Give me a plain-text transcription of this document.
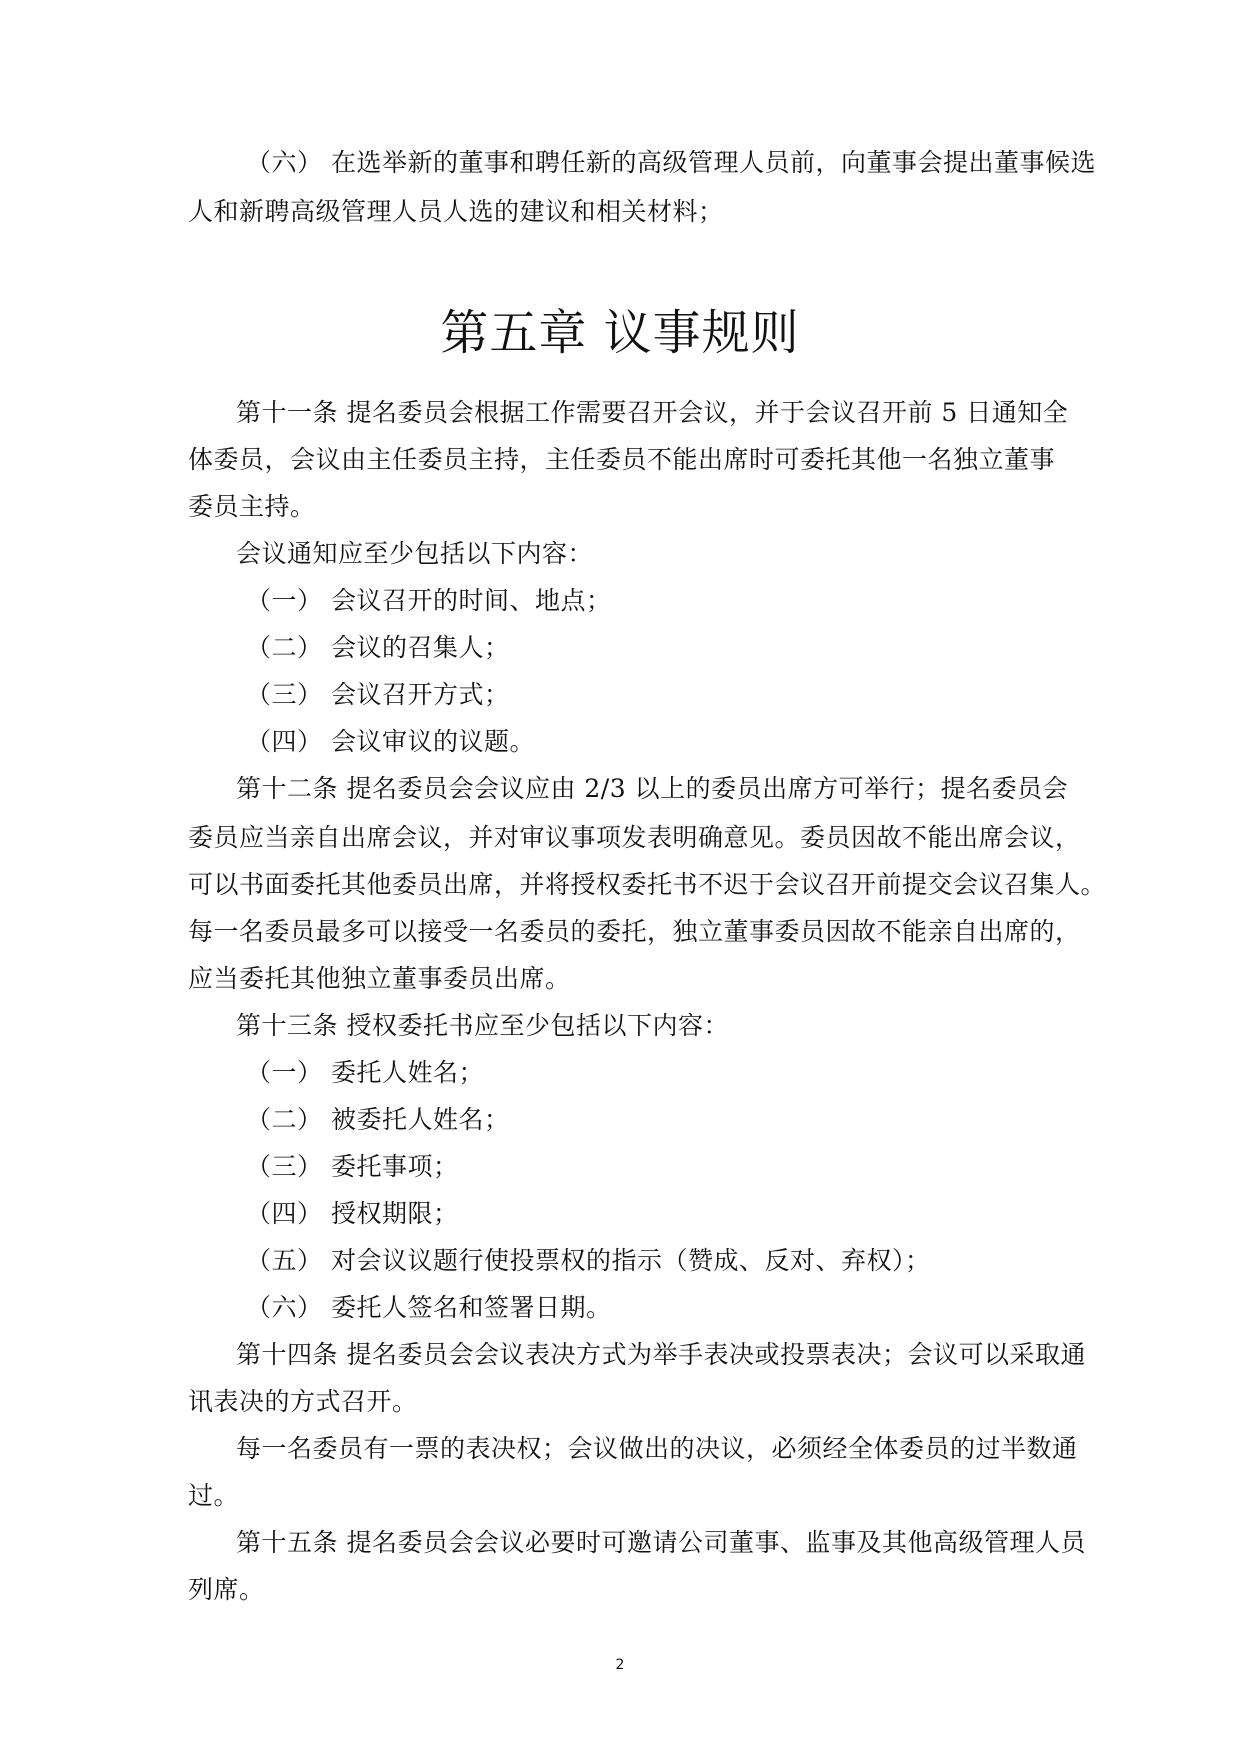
（六） 在选举新的董事和聘任新的高级管理人员前，向董事会提出董事候选
人和新聘高级管理人员人选的建议和相关材料；
第五章 议事规则
第十一条 提名委员会根据工作需要召开会议，并于会议召开前 5 日通知全
体委员，会议由主任委员主持，主任委员不能出席时可委托其他一名独立董事
委员主持。
会议通知应至少包括以下内容：
（一） 会议召开的时间、地点；
（二） 会议的召集人；
（三） 会议召开方式；
（四） 会议审议的议题。
第十二条 提名委员会会议应由 2/3 以上的委员出席方可举行；提名委员会
委员应当亲自出席会议，并对审议事项发表明确意见。委员因故不能出席会议，
可以书面委托其他委员出席，并将授权委托书不迟于会议召开前提交会议召集人。
每一名委员最多可以接受一名委员的委托，独立董事委员因故不能亲自出席的，
应当委托其他独立董事委员出席。
第十三条 授权委托书应至少包括以下内容：
（一） 委托人姓名；
（二） 被委托人姓名；
（三） 委托事项；
（四） 授权期限；
（五） 对会议议题行使投票权的指示（赞成、反对、弃权）；
（六） 委托人签名和签署日期。
第十四条 提名委员会会议表决方式为举手表决或投票表决；会议可以采取通
讯表决的方式召开。
每一名委员有一票的表决权；会议做出的决议，必须经全体委员的过半数通
过。
第十五条 提名委员会会议必要时可邀请公司董事、监事及其他高级管理人员
列席。
2
